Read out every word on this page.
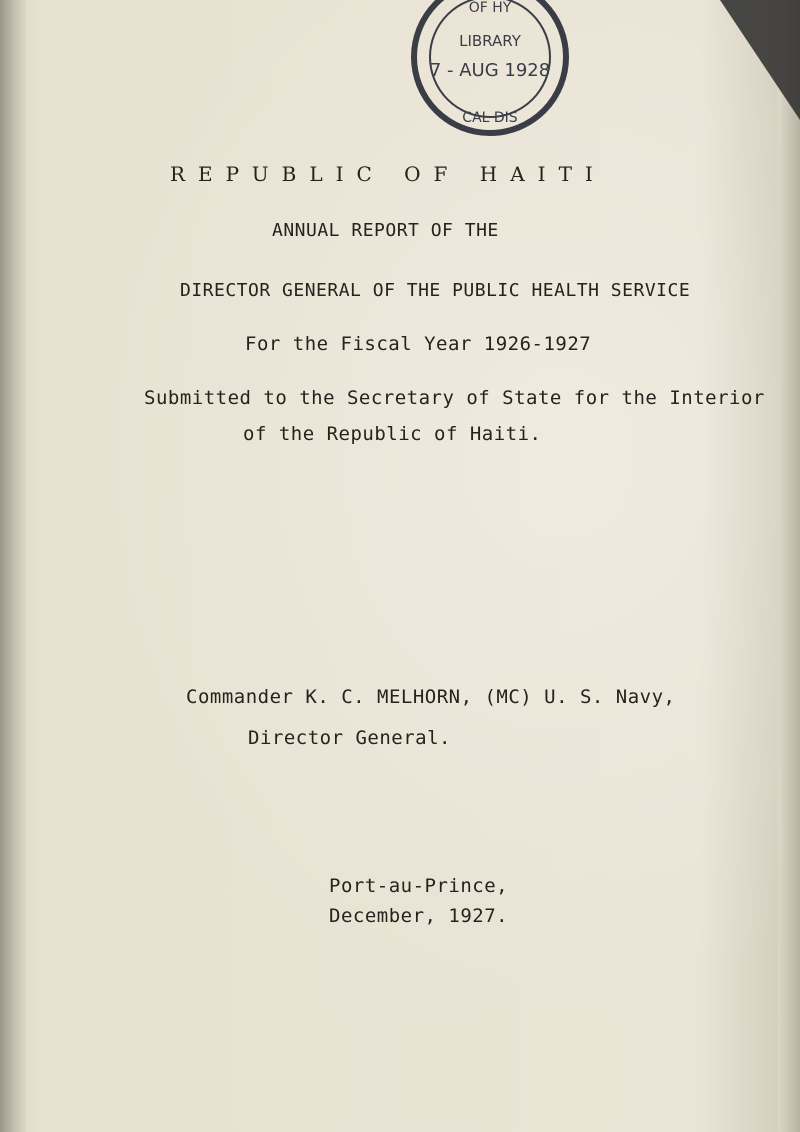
OF HY
LIBRARY
7 - AUG 1928
CAL DIS
REPUBLIC OF HAITI
ANNUAL REPORT OF THE
DIRECTOR GENERAL OF THE PUBLIC HEALTH SERVICE
For the Fiscal Year 1926-1927
Submitted to the Secretary of State for the Interior
of the Republic of Haiti.
Commander K. C. MELHORN, (MC) U. S. Navy,
Director General.
Port-au-Prince,
December, 1927.
